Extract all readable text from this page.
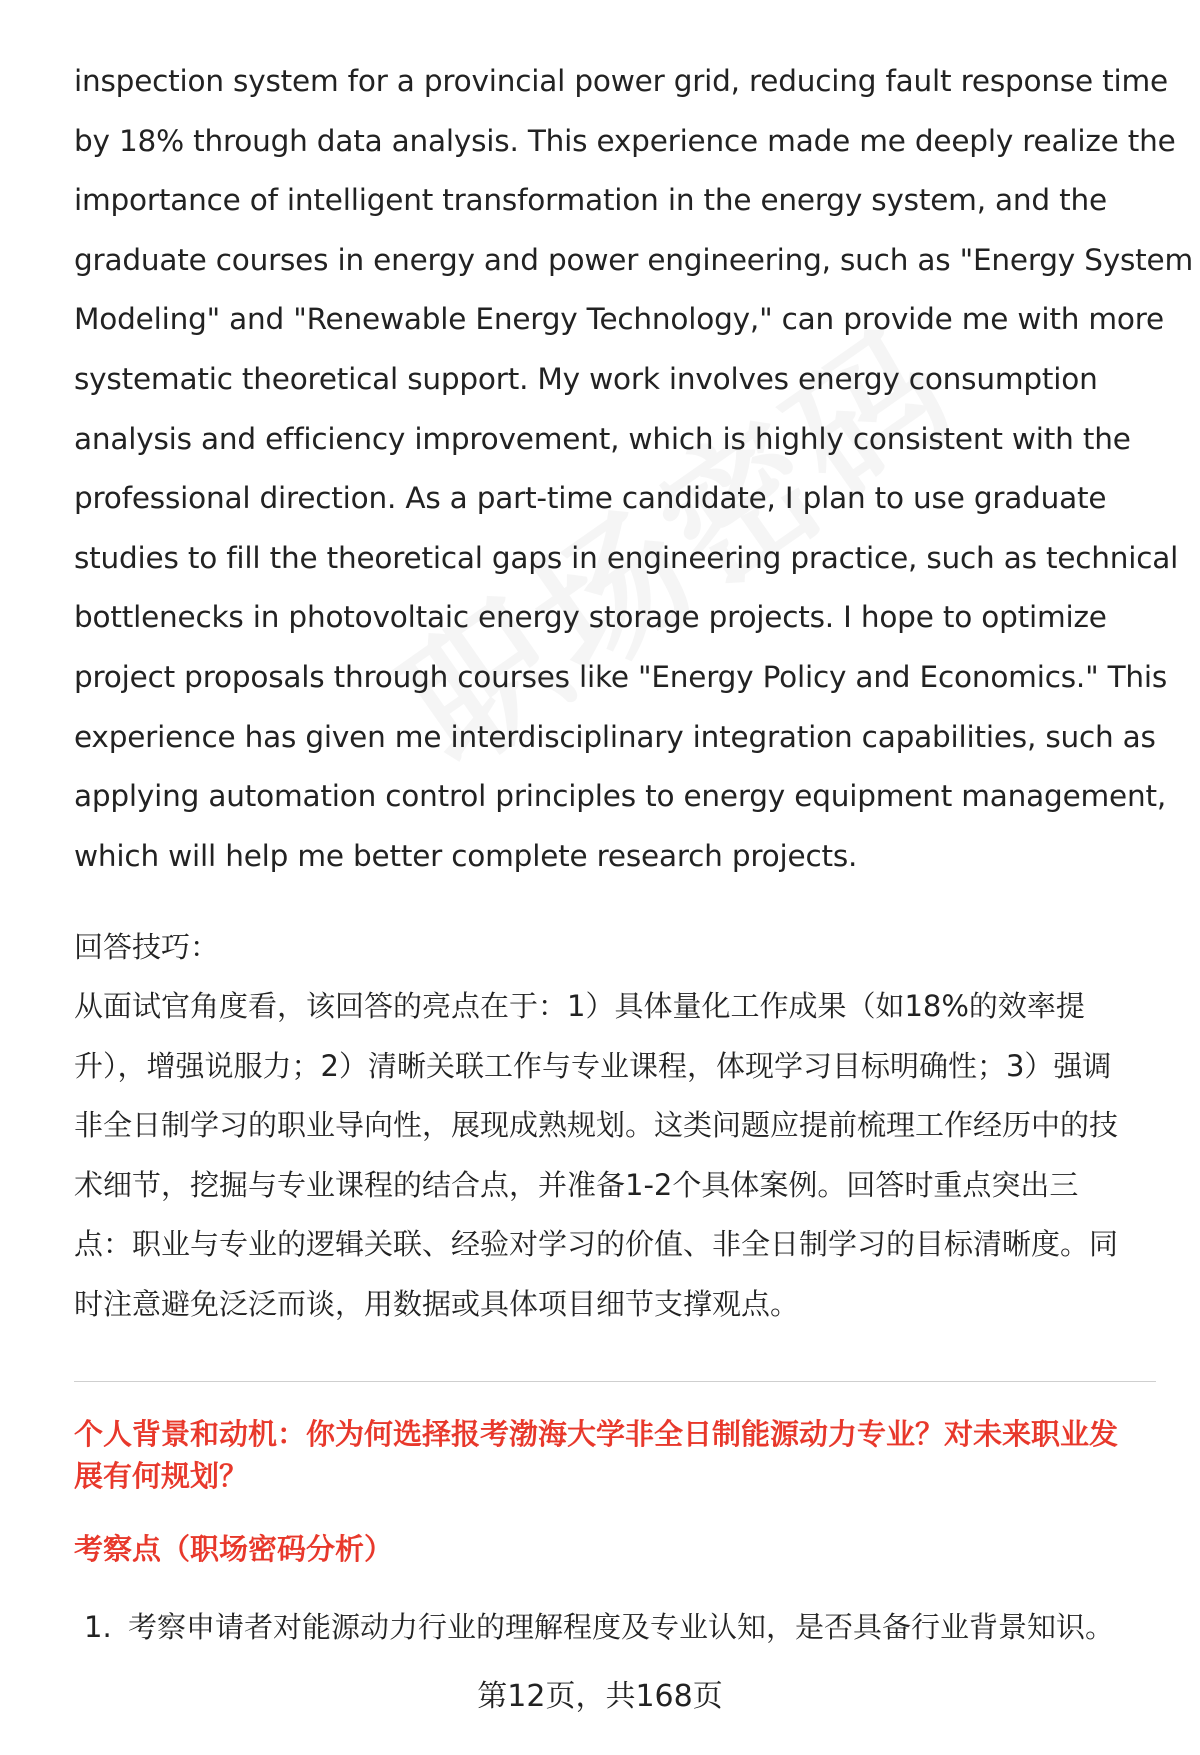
inspection system for a provincial power grid, reducing fault response time
by 18% through data analysis. This experience made me deeply realize the
importance of intelligent transformation in the energy system, and the
graduate courses in energy and power engineering, such as "Energy System
Modeling" and "Renewable Energy Technology," can provide me with more
systematic theoretical support. My work involves energy consumption
analysis and efficiency improvement, which is highly consistent with the
professional direction. As a part-time candidate, I plan to use graduate
studies to fill the theoretical gaps in engineering practice, such as technical
bottlenecks in photovoltaic energy storage projects. I hope to optimize
project proposals through courses like "Energy Policy and Economics." This
experience has given me interdisciplinary integration capabilities, such as
applying automation control principles to energy equipment management,
which will help me better complete research projects.

回答技巧：

从面试官角度看，该回答的亮点在于：1）具体量化工作成果（如18%的效率提
升），增强说服力；2）清晰关联工作与专业课程，体现学习目标明确性；3）强调
非全日制学习的职业导向性，展现成熟规划。这类问题应提前梳理工作经历中的技
术细节，挖掘与专业课程的结合点，并准备1-2个具体案例。回答时重点突出三
点：职业与专业的逻辑关联、经验对学习的价值、非全日制学习的目标清晰度。同
时注意避免泛泛而谈，用数据或具体项目细节支撑观点。

个人背景和动机：你为何选择报考渤海大学非全日制能源动力专业？对未来职业发
展有何规划？

考察点（职场密码分析）

1. 考察申请者对能源动力行业的理解程度及专业认知，是否具备行业背景知识。
第12页，共168页
